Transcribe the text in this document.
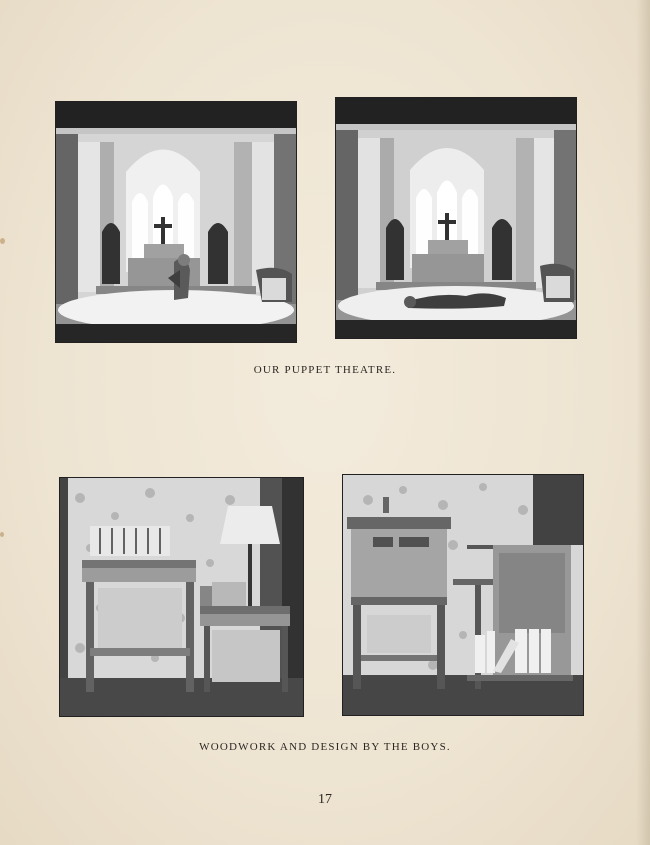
OUR PUPPET THEATRE.
WOODWORK AND DESIGN BY THE BOYS.
17
